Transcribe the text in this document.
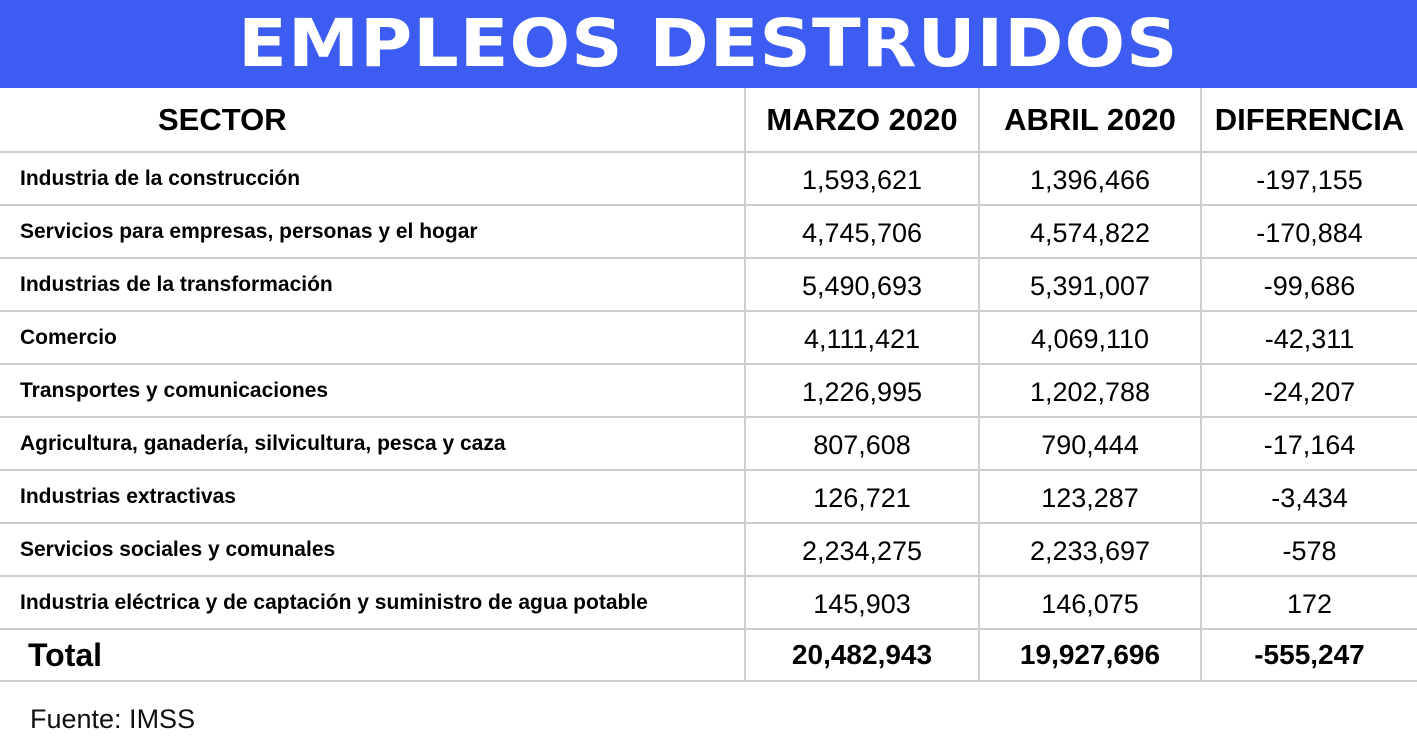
EMPLEOS DESTRUIDOS
SECTOR	MARZO 2020	ABRIL 2020	DIFERENCIA
Industria de la construcción	1,593,621	1,396,466	-197,155
Servicios para empresas, personas y el hogar	4,745,706	4,574,822	-170,884
Industrias de la transformación	5,490,693	5,391,007	-99,686
Comercio	4,111,421	4,069,110	-42,311
Transportes y comunicaciones	1,226,995	1,202,788	-24,207
Agricultura, ganadería, silvicultura, pesca y caza	807,608	790,444	-17,164
Industrias extractivas	126,721	123,287	-3,434
Servicios sociales y comunales	2,234,275	2,233,697	-578
Industria eléctrica y de captación y suministro de agua potable	145,903	146,075	172
Total	20,482,943	19,927,696	-555,247
Fuente: IMSS
